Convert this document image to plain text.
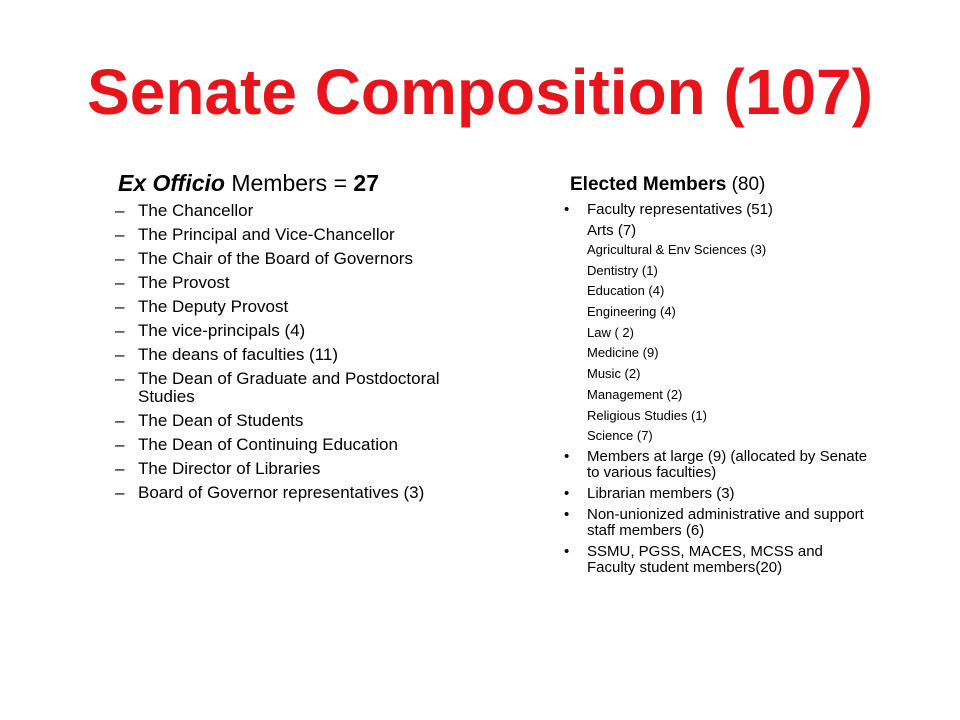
Senate Composition (107)
Ex Officio Members = 27
– The Chancellor
– The Principal and Vice-Chancellor
– The Chair of the Board of Governors
– The Provost
– The Deputy Provost
– The vice-principals (4)
– The deans of faculties (11)
– The Dean of Graduate and Postdoctoral Studies
– The Dean of Students
– The Dean of Continuing Education
– The Director of Libraries
– Board of Governor representatives (3)
Elected Members (80)
• Faculty representatives (51)
Arts (7)
Agricultural & Env Sciences (3)
Dentistry (1)
Education (4)
Engineering (4)
Law ( 2)
Medicine (9)
Music (2)
Management (2)
Religious Studies (1)
Science (7)
• Members at large (9) (allocated by Senate to various faculties)
• Librarian members (3)
• Non-unionized administrative and support staff members (6)
• SSMU, PGSS, MACES, MCSS and Faculty student members(20)
